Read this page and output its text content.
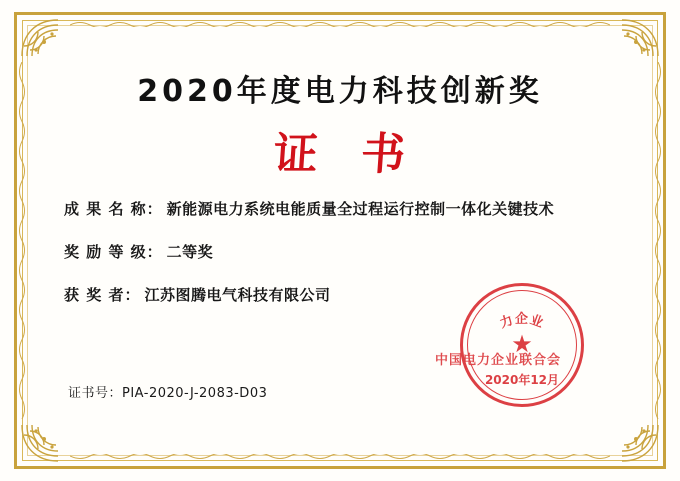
2020年度电力科技创新奖
证 书
成 果 名 称： 新能源电力系统电能质量全过程运行控制一体化关键技术
奖 励 等 级： 二等奖
获 奖 者： 江苏图腾电气科技有限公司
证书号：PIA-2020-J-2083-D03
力企业
★
2020年12月
中国电力企业联合会
